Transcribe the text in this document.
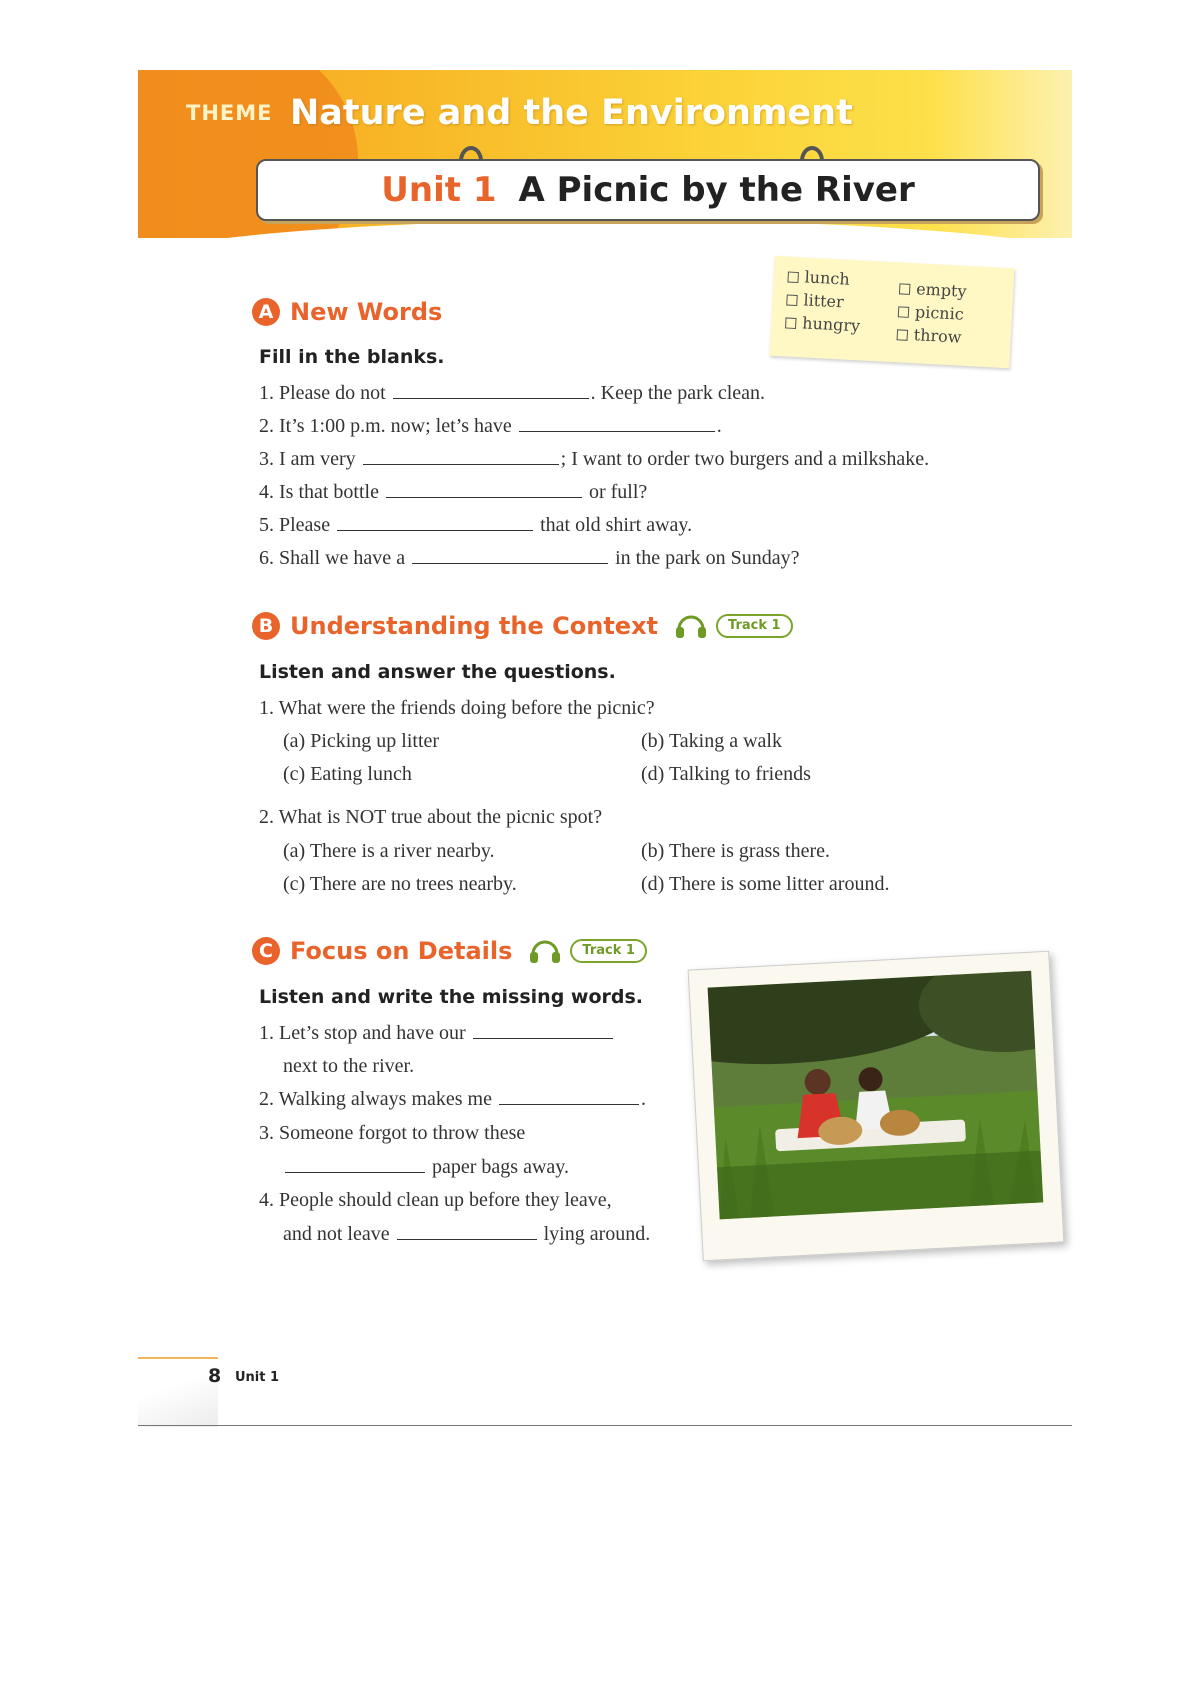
THEME Nature and the Environment
Unit 1 A Picnic by the River
lunch
litter
hungry
empty
picnic
throw
A New Words
Fill in the blanks.
1. Please do not	. Keep the park clean.
2. It’s 1:00 p.m. now; let’s have	.
3. I am very	; I want to order two burgers and a milkshake.
4. Is that bottle	or full?
5. Please	that old shirt away.
6. Shall we have a	in the park on Sunday?
B Understanding the Context	Track 1
Listen and answer the questions.
1. What were the friends doing before the picnic?
(a) Picking up litter	(b) Taking a walk
(c) Eating lunch	(d) Talking to friends
2. What is NOT true about the picnic spot?
(a) There is a river nearby.	(b) There is grass there.
(c) There are no trees nearby.	(d) There is some litter around.
C Focus on Details	Track 1
Listen and write the missing words.
1. Let’s stop and have our
next to the river.
2. Walking always makes me	.
3. Someone forgot to throw these
paper bags away.
4. People should clean up before they leave,
and not leave	lying around.
8 Unit 1
